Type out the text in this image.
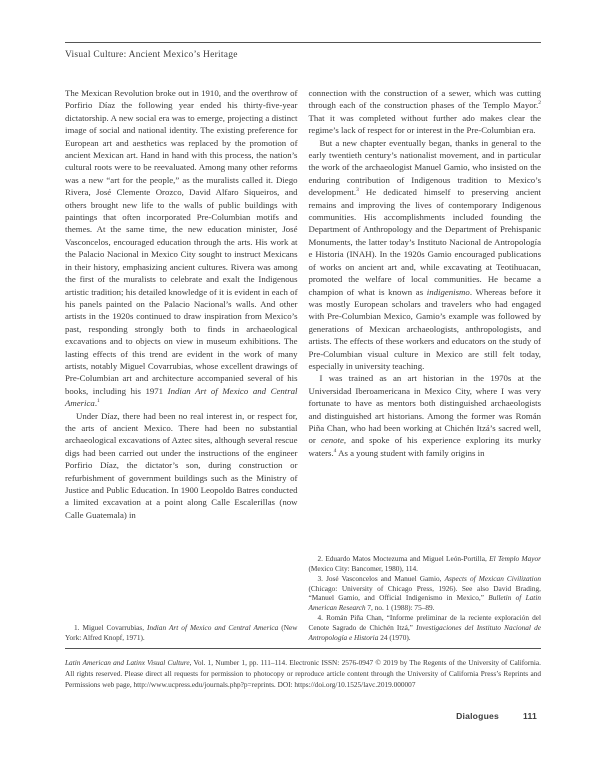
Visual Culture: Ancient Mexico’s Heritage

The Mexican Revolution broke out in 1910, and the overthrow of Porfirio Díaz the following year ended his thirty-five-year dictatorship. A new social era was to emerge, projecting a distinct image of social and national identity. The existing preference for European art and aesthetics was replaced by the promotion of ancient Mexican art. Hand in hand with this process, the nation’s cultural roots were to be reevaluated. Among many other reforms was a new “art for the people,” as the muralists called it. Diego Rivera, José Clemente Orozco, David Alfaro Siqueiros, and others brought new life to the walls of public buildings with paintings that often incorporated Pre-Columbian motifs and themes. At the same time, the new education minister, José Vasconcelos, encouraged education through the arts. His work at the Palacio Nacional in Mexico City sought to instruct Mexicans in their history, emphasizing ancient cultures. Rivera was among the first of the muralists to celebrate and exalt the Indigenous artistic tradition; his detailed knowledge of it is evident in each of his panels painted on the Palacio Nacional’s walls. And other artists in the 1920s continued to draw inspiration from Mexico’s past, responding strongly both to finds in archaeological excavations and to objects on view in museum exhibitions. The lasting effects of this trend are evident in the work of many artists, notably Miguel Covarrubias, whose excellent drawings of Pre-Columbian art and architecture accompanied several of his books, including his 1971 Indian Art of Mexico and Central America.$^1$

Under Díaz, there had been no real interest in, or respect for, the arts of ancient Mexico. There had been no substantial archaeological excavations of Aztec sites, although several rescue digs had been carried out under the instructions of the engineer Porfirio Díaz, the dictator’s son, during construction or refurbishment of government buildings such as the Ministry of Justice and Public Education. In 1900 Leopoldo Batres conducted a limited excavation at a point along Calle Escalerillas (now Calle Guatemala) in

1. Miguel Covarrubias, Indian Art of Mexico and Central America (New York: Alfred Knopf, 1971).

connection with the construction of a sewer, which was cutting through each of the construction phases of the Templo Mayor.$^2$ That it was completed without further ado makes clear the regime’s lack of respect for or interest in the Pre-Columbian era.

But a new chapter eventually began, thanks in general to the early twentieth century’s nationalist movement, and in particular the work of the archaeologist Manuel Gamio, who insisted on the enduring contribution of Indigenous tradition to Mexico’s development.$^3$ He dedicated himself to preserving ancient remains and improving the lives of contemporary Indigenous communities. His accomplishments included founding the Department of Anthropology and the Department of Prehispanic Monuments, the latter today’s Instituto Nacional de Antropología e Historia (INAH). In the 1920s Gamio encouraged publications of works on ancient art and, while excavating at Teotihuacan, promoted the welfare of local communities. He became a champion of what is known as indigenismo. Whereas before it was mostly European scholars and travelers who had engaged with Pre-Columbian Mexico, Gamio’s example was followed by generations of Mexican archaeologists, anthropologists, and artists. The effects of these workers and educators on the study of Pre-Columbian visual culture in Mexico are still felt today, especially in university teaching.

I was trained as an art historian in the 1970s at the Universidad Iberoamericana in Mexico City, where I was very fortunate to have as mentors both distinguished archaeologists and distinguished art historians. Among the former was Román Piña Chan, who had been working at Chichén Itzá’s sacred well, or cenote, and spoke of his experience exploring its murky waters.$^4$ As a young student with family origins in

2. Eduardo Matos Moctezuma and Miguel León-Portilla, El Templo Mayor (Mexico City: Bancomer, 1980), 114.

3. José Vasconcelos and Manuel Gamio, Aspects of Mexican Civilization (Chicago: University of Chicago Press, 1926). See also David Brading, “Manuel Gamio, and Official Indigenismo in Mexico,” Bulletin of Latin American Research 7, no. 1 (1988): 75–89.

4. Román Piña Chan, “Informe preliminar de la reciente exploración del Cenote Sagrado de Chichén Itzá,” Investigaciones del Instituto Nacional de Antropología e Historia 24 (1970).

Latin American and Latinx Visual Culture, Vol. 1, Number 1, pp. 111–114. Electronic ISSN: 2576-0947 © 2019 by The Regents of the University of California. All rights reserved. Please direct all requests for permission to photocopy or reproduce article content through the University of California Press’s Reprints and Permissions web page, http://www.ucpress.edu/journals.php?p=reprints. DOI: https://doi.org/10.1525/lavc.2019.000007
Dialogues	111
